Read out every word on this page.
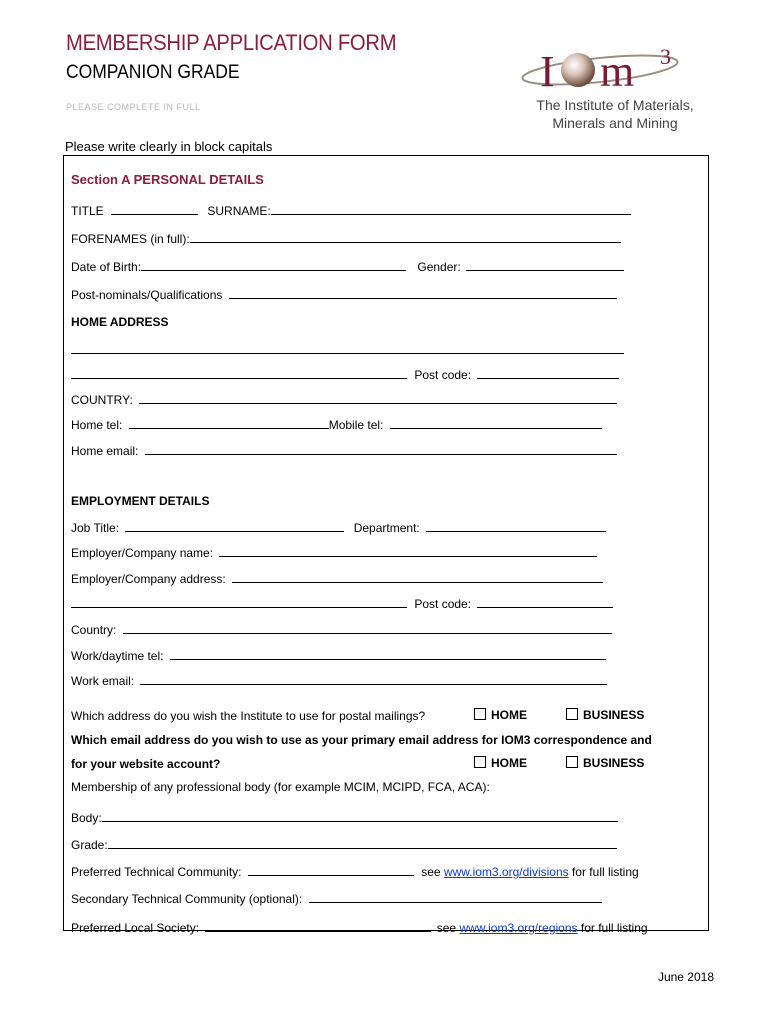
MEMBERSHIP APPLICATION FORM
COMPANION GRADE
PLEASE COMPLETE IN FULL
I m 3
The Institute of Materials,
Minerals and Mining
Please write clearly in block capitals
Section A PERSONAL DETAILS
TITLE	SURNAME:
FORENAMES (in full):
Date of Birth:	Gender:
Post-nominals/Qualifications
HOME ADDRESS
Post code:
COUNTRY:
Home tel:	Mobile tel:
Home email:
EMPLOYMENT DETAILS
Job Title:	Department:
Employer/Company name:
Employer/Company address:
Post code:
Country:
Work/daytime tel:
Work email:
Which address do you wish the Institute to use for postal mailings?	HOME	BUSINESS
Which email address do you wish to use as your primary email address for IOM3 correspondence and
for your website account?	HOME	BUSINESS
Membership of any professional body (for example MCIM, MCIPD, FCA, ACA):
Body:
Grade:
Preferred Technical Community:	see www.iom3.org/divisions for full listing
Secondary Technical Community (optional):
Preferred Local Society:	see www.iom3.org/regions for full listing
June 2018
